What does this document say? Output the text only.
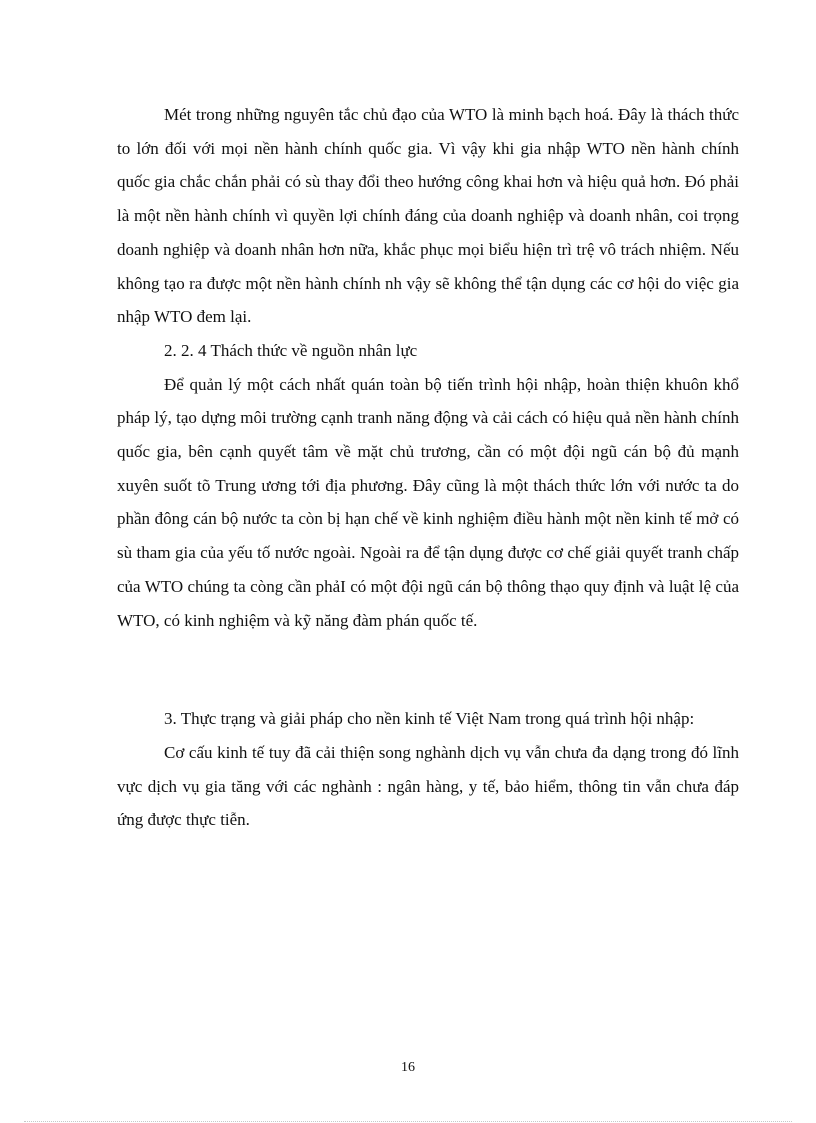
Mét trong những nguyên tắc chủ đạo của WTO là minh bạch hoá. Đây là thách thức to lớn đối với mọi nền hành chính quốc gia. Vì vậy khi gia nhập WTO nền hành chính quốc gia chắc chắn phải có sù thay đổi theo hướng công khai hơn và hiệu quả hơn. Đó phải là một nền hành chính vì quyền lợi chính đáng của doanh nghiệp và doanh nhân, coi trọng doanh nghiệp và doanh nhân hơn nữa, khắc phục mọi biểu hiện trì trệ vô trách nhiệm. Nếu không tạo ra được một nền hành chính nh vậy sẽ không thể tận dụng các cơ hội do việc gia nhập WTO đem lại.

2. 2. 4 Thách thức về nguồn nhân lực

Để quản lý một cách nhất quán toàn bộ tiến trình hội nhập, hoàn thiện khuôn khổ pháp lý, tạo dựng môi trường cạnh tranh năng động và cải cách có hiệu quả nền hành chính quốc gia, bên cạnh quyết tâm về mặt chủ trương, cần có một đội ngũ cán bộ đủ mạnh xuyên suốt tõ Trung ương tới địa phương. Đây cũng là một thách thức lớn với nước ta do phần đông cán bộ nước ta còn bị hạn chế về kinh nghiệm điều hành một nền kinh tế mở có sù tham gia của yếu tố nước ngoài. Ngoài ra để tận dụng được cơ chế giải quyết tranh chấp của WTO chúng ta còng cần phảI có một đội ngũ cán bộ thông thạo quy định và luật lệ của WTO, có kinh nghiệm và kỹ năng đàm phán quốc tế.

3. Thực trạng và giải pháp cho nền kinh tế Việt Nam trong quá trình hội nhập:

Cơ cấu kinh tế tuy đã cải thiện song nghành dịch vụ vẫn chưa đa dạng trong đó lĩnh vực dịch vụ gia tăng với các nghành : ngân hàng, y tế, bảo hiểm, thông tin vẫn chưa đáp ứng được thực tiễn.

16
